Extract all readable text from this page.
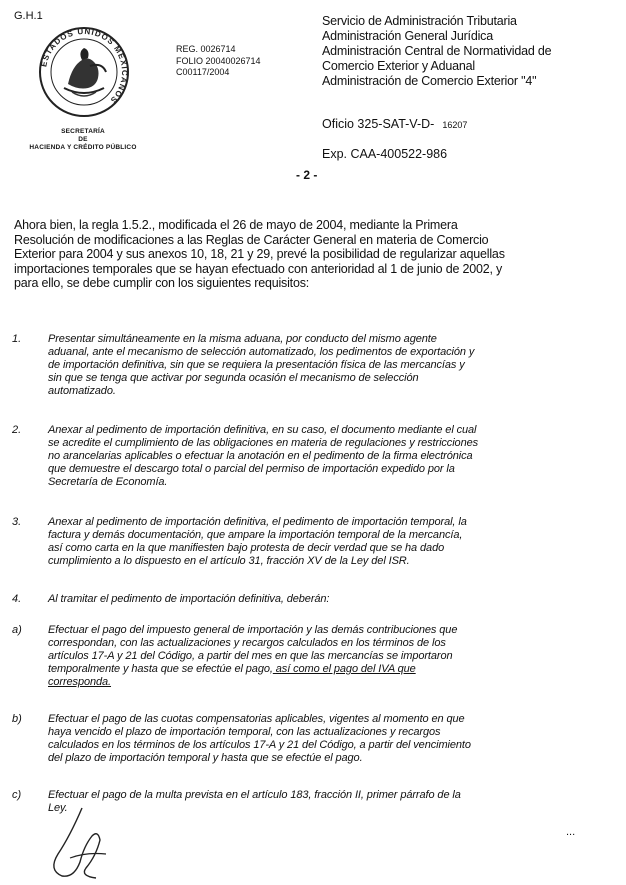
G.H.1
ESTADOS UNIDOS MEXICANOS
SECRETARÍA
DE
HACIENDA Y CRÉDITO PÚBLICO
REG. 0026714
FOLIO 20040026714
C00117/2004
Servicio de Administración Tributaria
Administración General Jurídica
Administración Central de Normatividad de
Comercio Exterior y Aduanal
Administración de Comercio Exterior "4"
Oficio 325-SAT-V-D- 16207
Exp. CAA-400522-986
- 2 -
Ahora bien, la regla 1.5.2., modificada el 26 de mayo de 2004, mediante la Primera
Resolución de modificaciones a las Reglas de Carácter General en materia de Comercio
Exterior para 2004 y sus anexos 10, 18, 21 y 29, prevé la posibilidad de regularizar aquellas
importaciones temporales que se hayan efectuado con anterioridad al 1 de junio de 2002, y
para ello, se debe cumplir con los siguientes requisitos:
1. Presentar simultáneamente en la misma aduana, por conducto del mismo agente
aduanal, ante el mecanismo de selección automatizado, los pedimentos de exportación y
de importación definitiva, sin que se requiera la presentación física de las mercancías y
sin que se tenga que activar por segunda ocasión el mecanismo de selección
automatizado.
2. Anexar al pedimento de importación definitiva, en su caso, el documento mediante el cual
se acredite el cumplimiento de las obligaciones en materia de regulaciones y restricciones
no arancelarias aplicables o efectuar la anotación en el pedimento de la firma electrónica
que demuestre el descargo total o parcial del permiso de importación expedido por la
Secretaría de Economía.
3. Anexar al pedimento de importación definitiva, el pedimento de importación temporal, la
factura y demás documentación, que ampare la importación temporal de la mercancía,
así como carta en la que manifiesten bajo protesta de decir verdad que se ha dado
cumplimiento a lo dispuesto en el artículo 31, fracción XV de la Ley del ISR.
4. Al tramitar el pedimento de importación definitiva, deberán:
a) Efectuar el pago del impuesto general de importación y las demás contribuciones que
correspondan, con las actualizaciones y recargos calculados en los términos de los
artículos 17-A y 21 del Código, a partir del mes en que las mercancías se importaron
temporalmente y hasta que se efectúe el pago, así como el pago del IVA que
corresponda.
b) Efectuar el pago de las cuotas compensatorias aplicables, vigentes al momento en que
haya vencido el plazo de importación temporal, con las actualizaciones y recargos
calculados en los términos de los artículos 17-A y 21 del Código, a partir del vencimiento
del plazo de importación temporal y hasta que se efectúe el pago.
c) Efectuar el pago de la multa prevista en el artículo 183, fracción II, primer párrafo de la
Ley.
...
